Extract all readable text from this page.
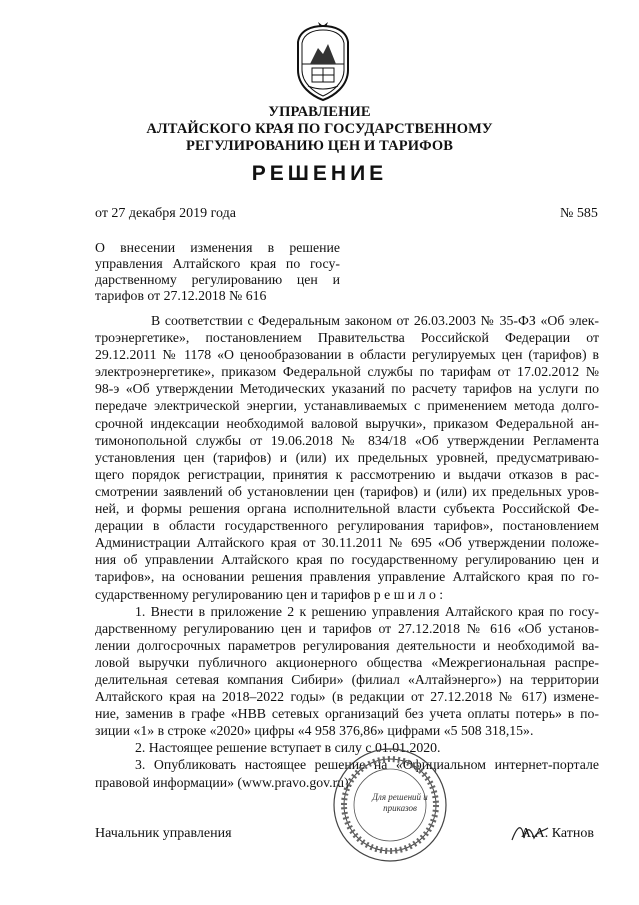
УПРАВЛЕНИЕ
АЛТАЙСКОГО КРАЯ ПО ГОСУДАРСТВЕННОМУ
РЕГУЛИРОВАНИЮ ЦЕН И ТАРИФОВ
РЕШЕНИЕ
от 27 декабря 2019 года	№ 585
О внесении изменения в решение управления Алтайского края по государственному регулированию цен и тарифов от 27.12.2018 № 616
В соответствии с Федеральным законом от 26.03.2003 № 35-ФЗ «Об элек-
троэнергетике», постановлением Правительства Российской Федерации от
29.12.2011 № 1178 «О ценообразовании в области регулируемых цен (тарифов) в
электроэнергетике», приказом Федеральной службы по тарифам от 17.02.2012 №
98-э «Об утверждении Методических указаний по расчету тарифов на услуги по
передаче электрической энергии, устанавливаемых с применением метода долго-
срочной индексации необходимой валовой выручки», приказом Федеральной ан-
тимонопольной службы от 19.06.2018 № 834/18 «Об утверждении Регламента
установления цен (тарифов) и (или) их предельных уровней, предусматриваю-
щего порядок регистрации, принятия к рассмотрению и выдачи отказов в рас-
смотрении заявлений об установлении цен (тарифов) и (или) их предельных уров-
ней, и формы решения органа исполнительной власти субъекта Российской Фе-
дерации в области государственного регулирования тарифов», постановлением
Администрации Алтайского края от 30.11.2011 № 695 «Об утверждении положе-
ния об управлении Алтайского края по государственному регулированию цен и
тарифов», на основании решения правления управление Алтайского края по го-
сударственному регулированию цен и тарифов р е ш и л о :
1. Внести в приложение 2 к решению управления Алтайского края по госу-
дарственному регулированию цен и тарифов от 27.12.2018 № 616 «Об установ-
лении долгосрочных параметров регулирования деятельности и необходимой ва-
ловой выручки публичного акционерного общества «Межрегиональная распре-
делительная сетевая компания Сибири» (филиал «Алтайэнерго») на территории
Алтайского края на 2018–2022 годы» (в редакции от 27.12.2018 № 617) измене-
ние, заменив в графе «НВВ сетевых организаций без учета оплаты потерь» в по-
зиции «1» в строке «2020» цифры «4 958 376,86» цифрами «5 508 318,15».
2. Настоящее решение вступает в силу с 01.01.2020.
3. Опубликовать настоящее решение на «Официальном интернет-портале
правовой информации» (www.pravo.gov.ru).
Для решений и приказов
Начальник управления	А.А. Катнов
